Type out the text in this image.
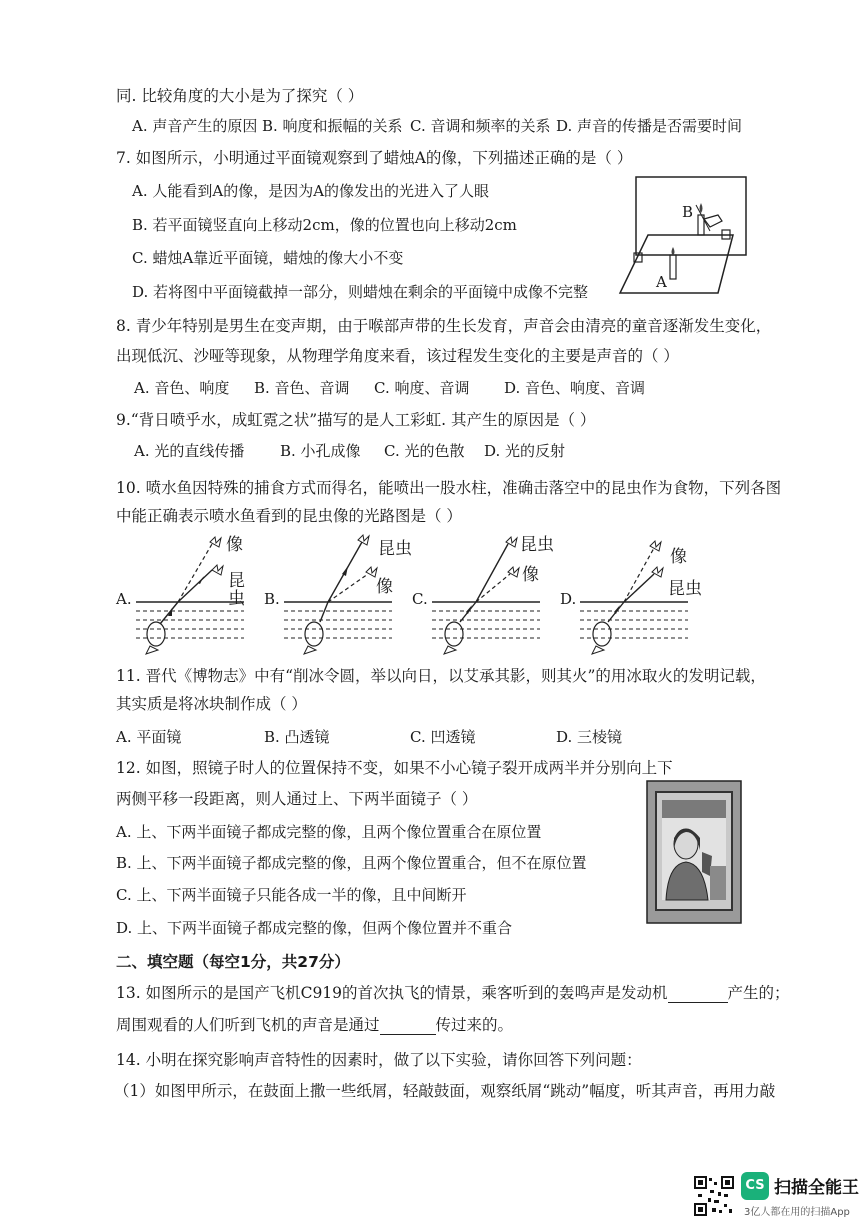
同. 比较角度的大小是为了探究（ ）
A. 声音产生的原因 B. 响度和振幅的关系 C. 音调和频率的关系 D. 声音的传播是否需要时间
7. 如图所示，小明通过平面镜观察到了蜡烛A的像，下列描述正确的是（ ）
A. 人能看到A的像，是因为A的像发出的光进入了人眼
B. 若平面镜竖直向上移动2cm，像的位置也向上移动2cm
C. 蜡烛A靠近平面镜，蜡烛的像大小不变
D. 若将图中平面镜截掉一部分，则蜡烛在剩余的平面镜中成像不完整
B
A
8. 青少年特别是男生在变声期，由于喉部声带的生长发育，声音会由清亮的童音逐渐发生变化，
出现低沉、沙哑等现象，从物理学角度来看，该过程发生变化的主要是声音的（ ）
A. 音色、响度 B. 音色、音调 C. 响度、音调 D. 音色、响度、音调
9.“背日喷乎水，成虹霓之状”描写的是人工彩虹. 其产生的原因是（ ）
A. 光的直线传播 B. 小孔成像 C. 光的色散 D. 光的反射
10. 喷水鱼因特殊的捕食方式而得名，能喷出一股水柱，准确击落空中的昆虫作为食物，下列各图
中能正确表示喷水鱼看到的昆虫像的光路图是（ ）
A.
像
昆虫	B.
昆虫
像
C.
昆虫
像
D.
像
昆虫
11. 晋代《博物志》中有“削冰令圆，举以向日，以艾承其影，则其火”的用冰取火的发明记载，
其实质是将冰块制作成（ ）
A. 平面镜	B. 凸透镜	C. 凹透镜	D. 三棱镜
12. 如图，照镜子时人的位置保持不变，如果不小心镜子裂开成两半并分别向上下
两侧平移一段距离，则人通过上、下两半面镜子（ ）
A. 上、下两半面镜子都成完整的像，且两个像位置重合在原位置
B. 上、下两半面镜子都成完整的像，且两个像位置重合，但不在原位置
C. 上、下两半面镜子只能各成一半的像，且中间断开
D. 上、下两半面镜子都成完整的像，但两个像位置并不重合
二、填空题（每空1分，共27分）
13. 如图所示的是国产飞机C919的首次执飞的情景，乘客听到的轰鸣声是发动机	产生的；
周围观看的人们听到飞机的声音是通过	传过来的。
14. 小明在探究影响声音特性的因素时，做了以下实验，请你回答下列问题：
（1）如图甲所示，在鼓面上撒一些纸屑，轻敲鼓面，观察纸屑“跳动”幅度，听其声音，再用力敲
CS 扫描全能王
3亿人都在用的扫描App
